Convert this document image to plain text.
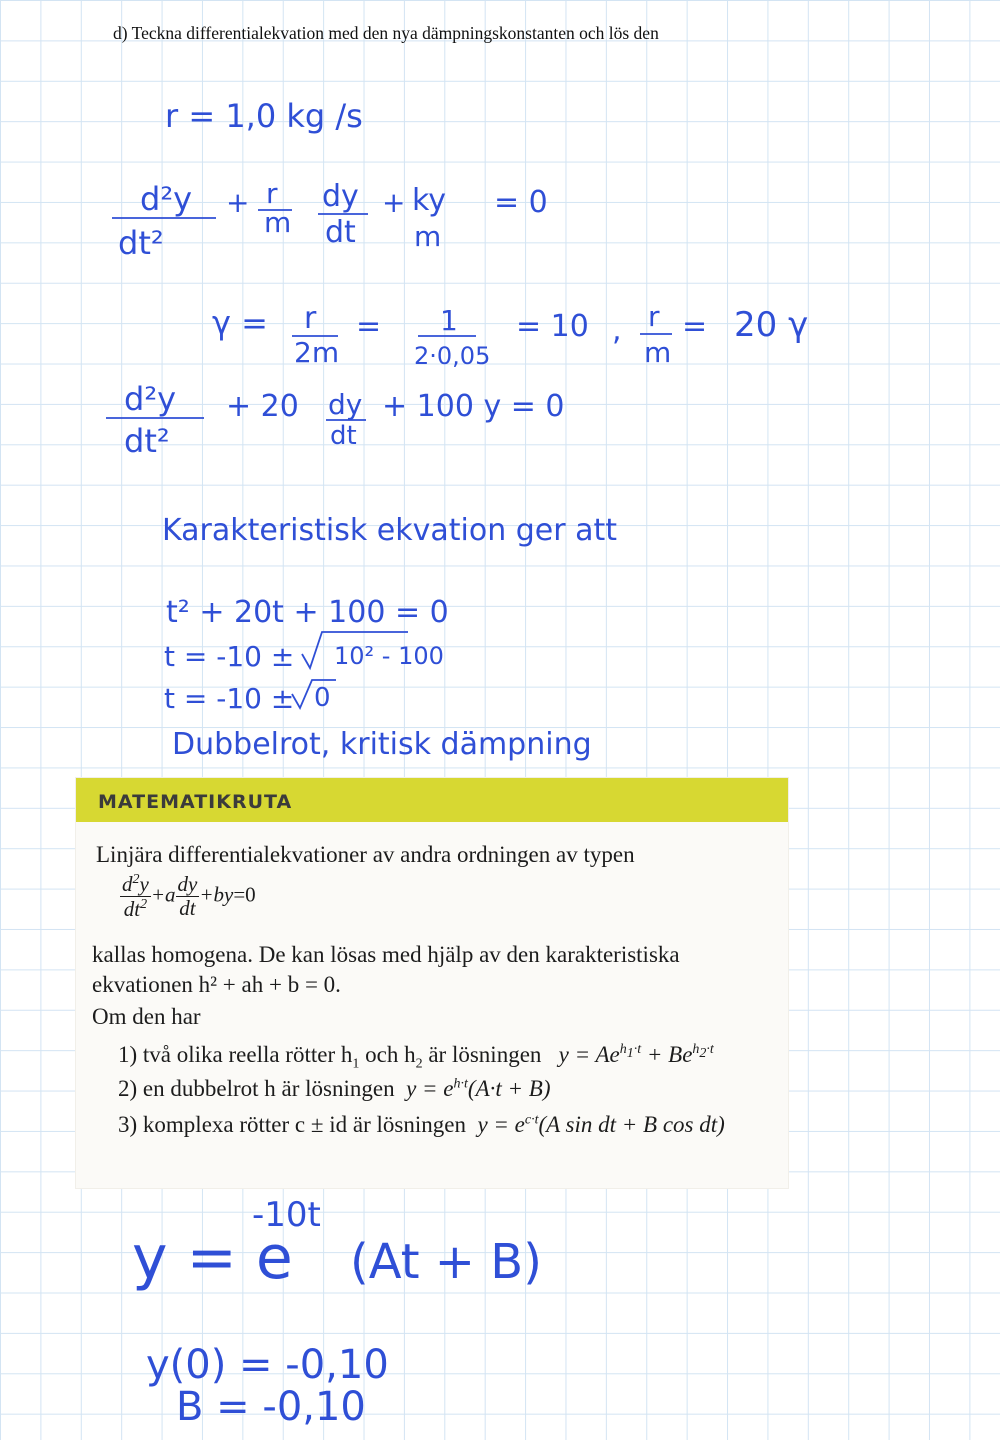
d) Teckna differentialekvation med den nya dämpningskonstanten och lös den
r = 1,0 kg /s
d²y
dt²
+ r
m
dy
dt
+ ky
m
= 0
γ = r
2m
= 1
2·0,05
= 10 , r
m
= 20 γ
d²y
dt²
+ 20 dy
dt
+ 100 y = 0
Karakteristisk ekvation ger att
t² + 20t + 100 = 0
t = -10 ± 10² - 100
t = -10 ± 0
Dubbelrot, kritisk dämpning
y = e
-10t
(At + B)
y(0) = -0,10
B = -0,10
MATEMATIKRUTA
Linjära differentialekvationer av andra ordningen av typen
$\frac{d^2y}{dt^2} +a \frac{dy}{dt} +by=0$
kallas homogena. De kan lösas med hjälp av den karakteristiska
ekvationen h² + ah + b = 0.
Om den har
1) två olika reella rötter $h_1$ och $h_2$ är lösningen   $y = Ae^{h_1\cdot t} + Be^{h_2\cdot t}$
2) en dubbelrot h är lösningen  $y = e^{h\cdot t}(A\cdot t + B)$
3) komplexa rötter c ± id är lösningen  $y = e^{c\cdot t}(A$ sin dt + B cos dt)
